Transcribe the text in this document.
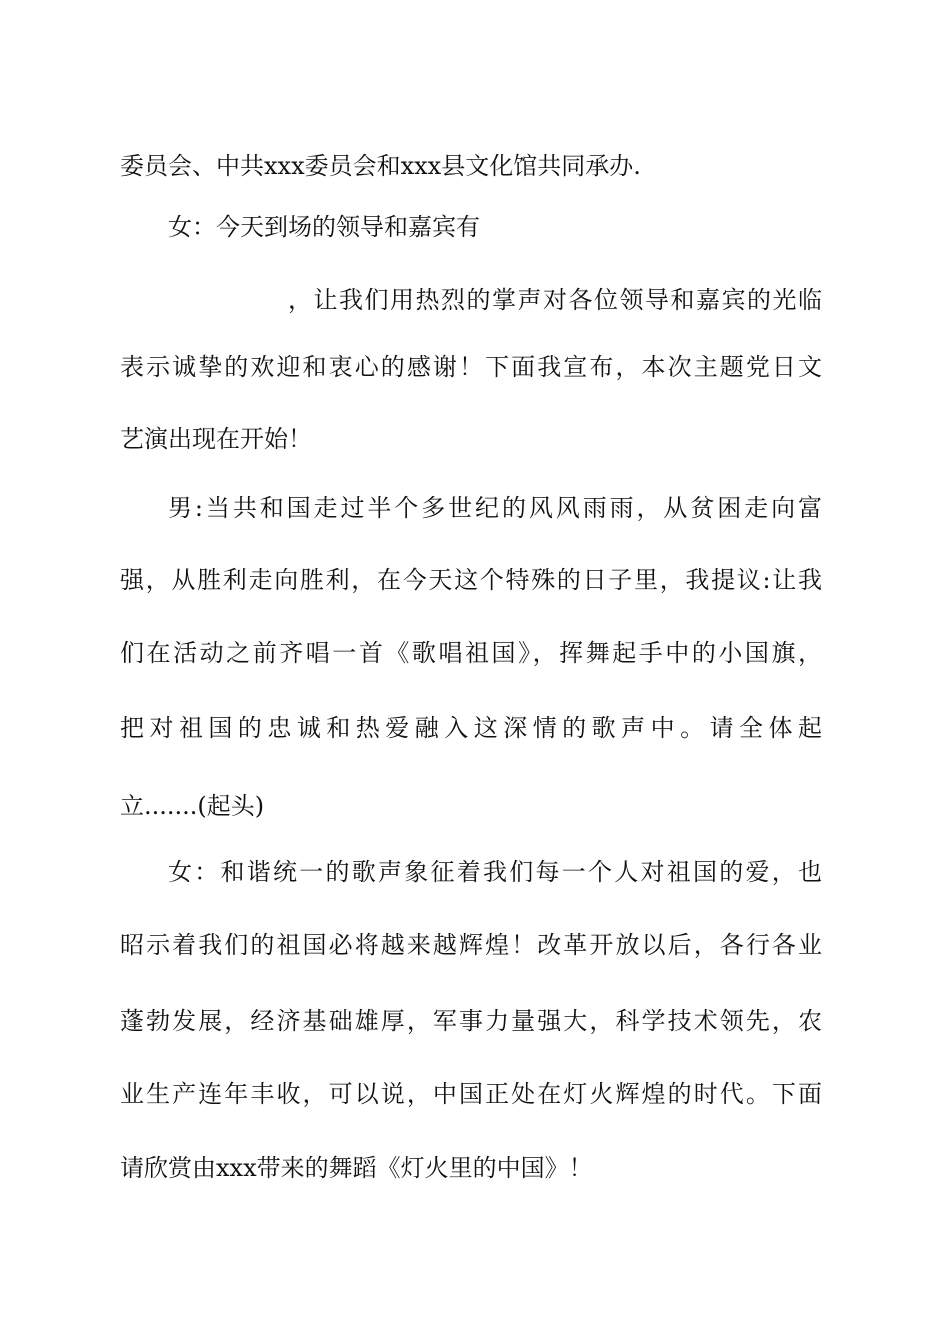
委员会、中共xxx委员会和xxx县文化馆共同承办.
女：今天到场的领导和嘉宾有
，让我们用热烈的掌声对各位领导和嘉宾的光临
表示诚挚的欢迎和衷心的感谢！下面我宣布，本次主题党日文
艺演出现在开始！
男:当共和国走过半个多世纪的风风雨雨，从贫困走向富
强，从胜利走向胜利，在今天这个特殊的日子里，我提议:让我
们在活动之前齐唱一首《歌唱祖国》，挥舞起手中的小国旗，
把对祖国的忠诚和热爱融入这深情的歌声中。请全体起
立.......(起头)
女：和谐统一的歌声象征着我们每一个人对祖国的爱，也
昭示着我们的祖国必将越来越辉煌！改革开放以后，各行各业
蓬勃发展，经济基础雄厚，军事力量强大，科学技术领先，农
业生产连年丰收，可以说，中国正处在灯火辉煌的时代。下面
请欣赏由xxx带来的舞蹈《灯火里的中国》！
